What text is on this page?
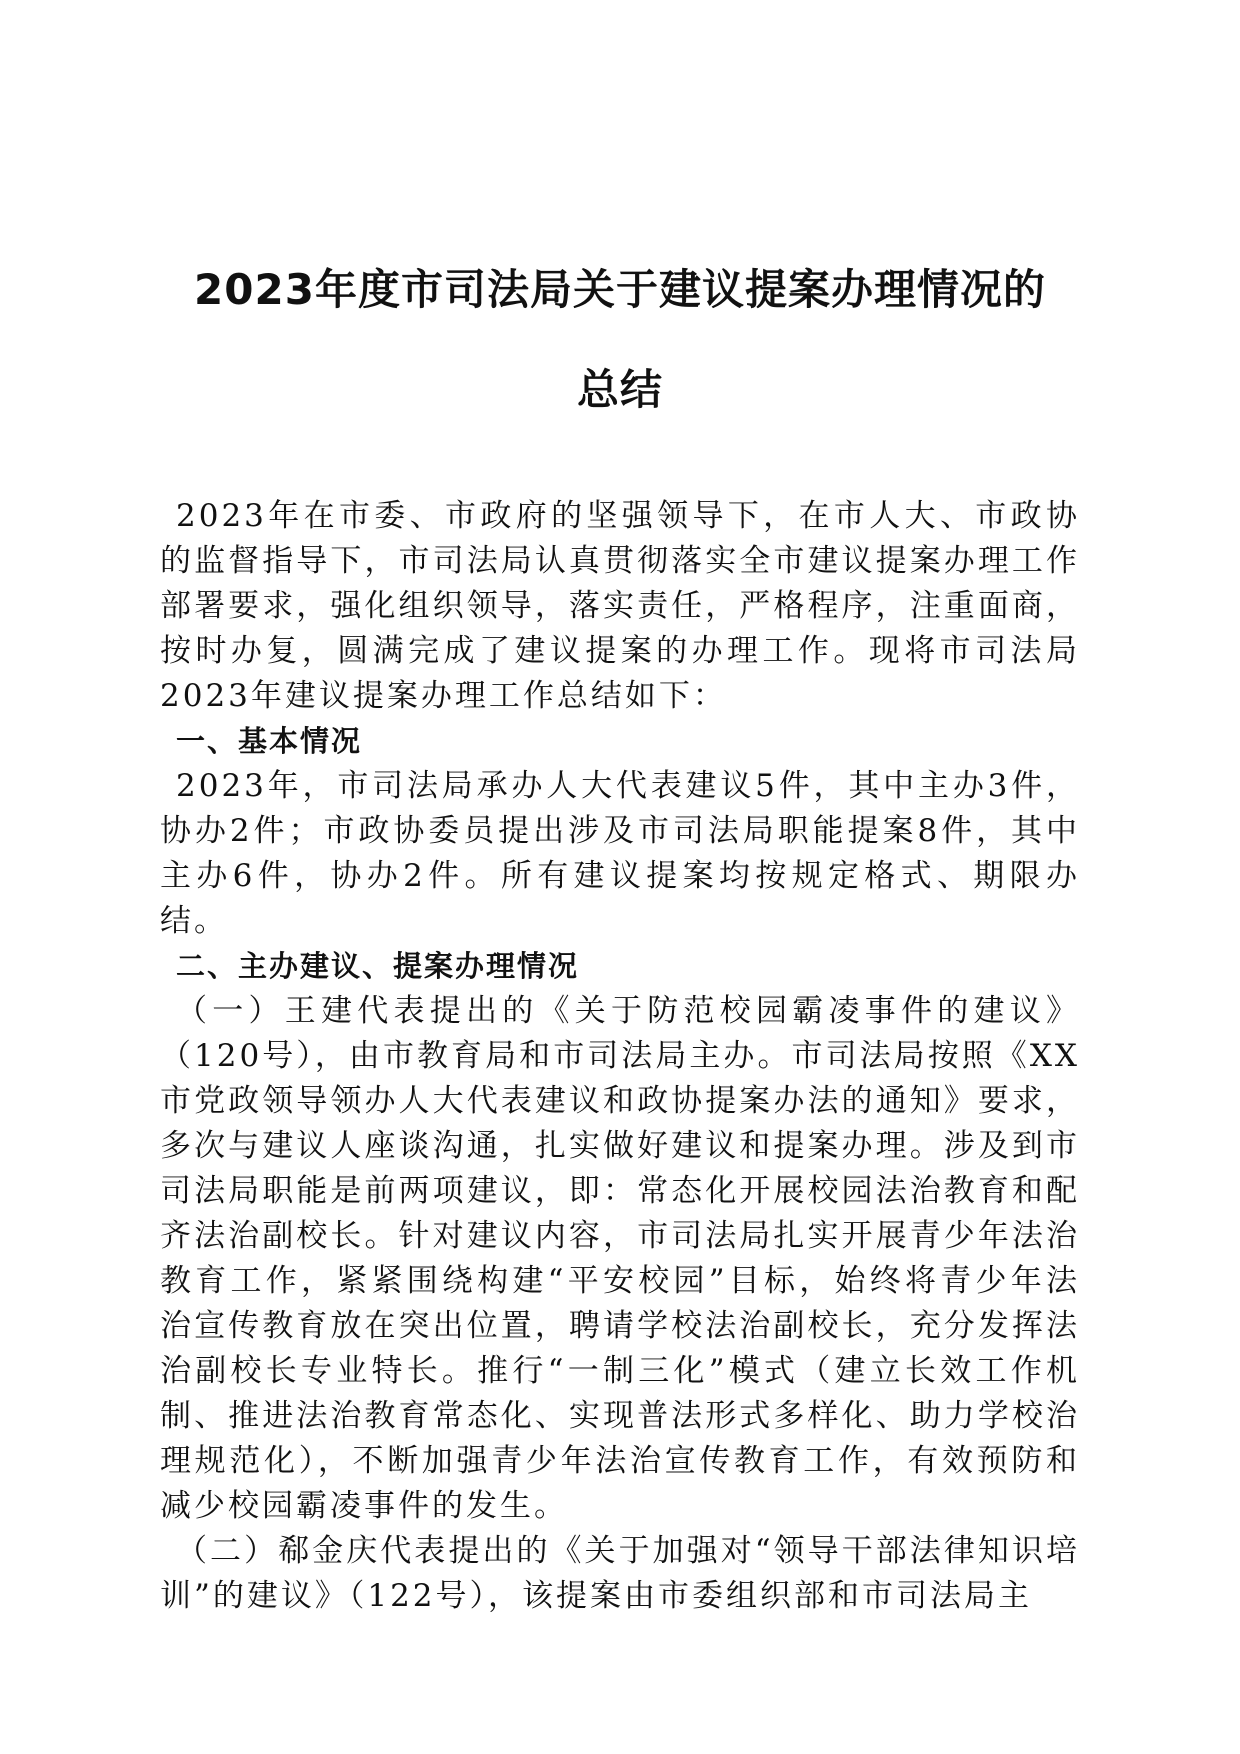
2023年度市司法局关于建议提案办理情况的
总结

2023年在市委、市政府的坚强领导下，在市人大、市政协的监督指导下，市司法局认真贯彻落实全市建议提案办理工作部署要求，强化组织领导，落实责任，严格程序，注重面商，按时办复，圆满完成了建议提案的办理工作。现将市司法局2023年建议提案办理工作总结如下：

一、基本情况

2023年，市司法局承办人大代表建议5件，其中主办3件，协办2件；市政协委员提出涉及市司法局职能提案8件，其中主办6件，协办2件。所有建议提案均按规定格式、期限办结。

二、主办建议、提案办理情况

（一）王建代表提出的《关于防范校园霸凌事件的建议》（120号），由市教育局和市司法局主办。市司法局按照《XX市党政领导领办人大代表建议和政协提案办法的通知》要求，多次与建议人座谈沟通，扎实做好建议和提案办理。涉及到市司法局职能是前两项建议，即：常态化开展校园法治教育和配齐法治副校长。针对建议内容，市司法局扎实开展青少年法治教育工作，紧紧围绕构建“平安校园”目标，始终将青少年法治宣传教育放在突出位置，聘请学校法治副校长，充分发挥法治副校长专业特长。推行“一制三化”模式（建立长效工作机制、推进法治教育常态化、实现普法形式多样化、助力学校治理规范化），不断加强青少年法治宣传教育工作，有效预防和减少校园霸凌事件的发生。

（二）郗金庆代表提出的《关于加强对“领导干部法律知识培训”的建议》（122号），该提案由市委组织部和市司法局主
